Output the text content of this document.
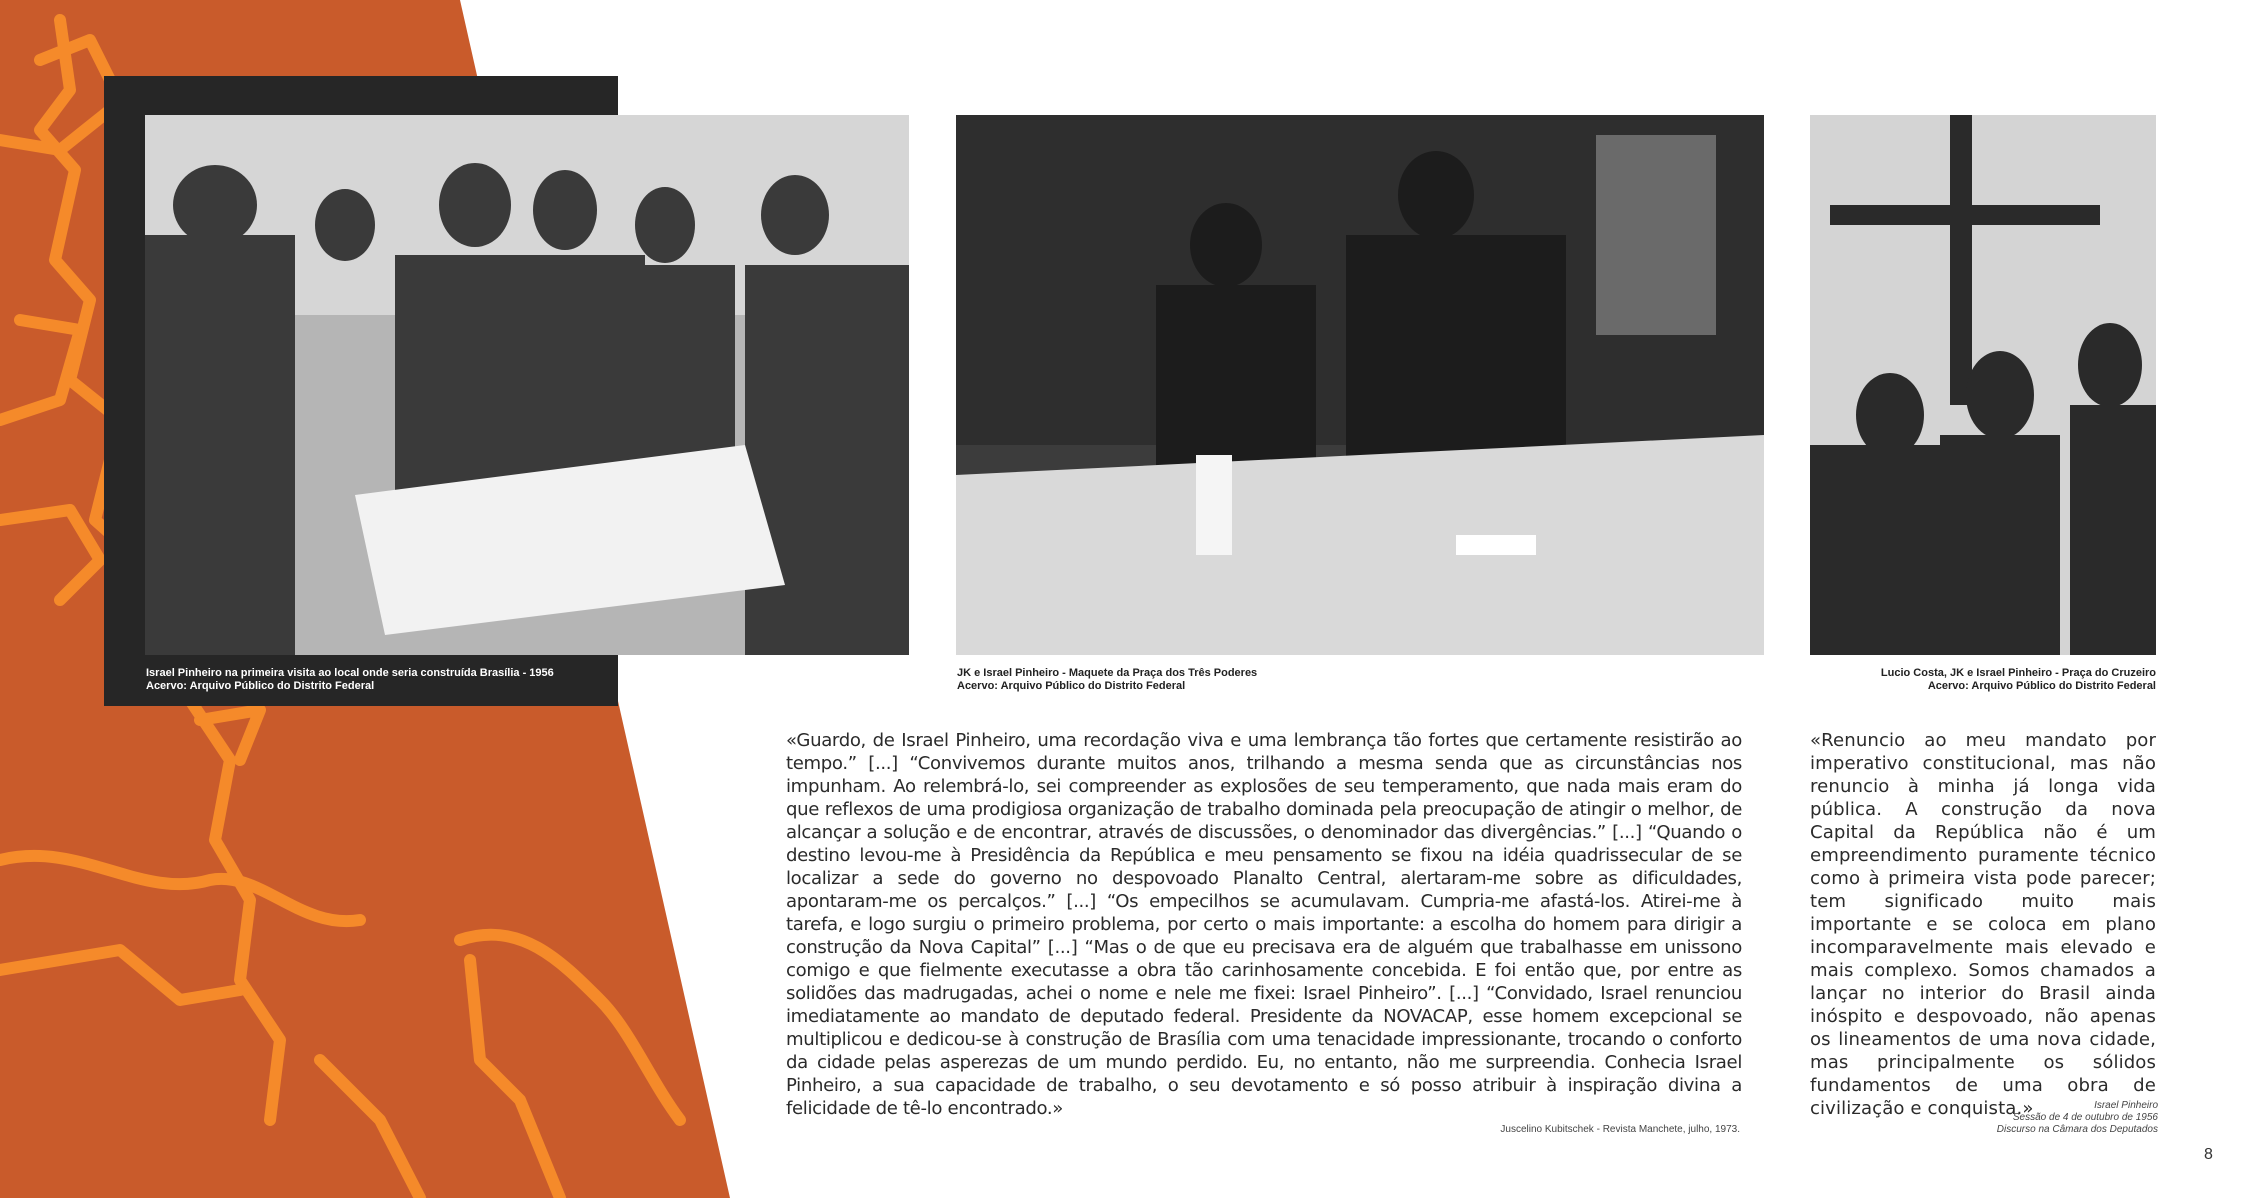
Israel Pinheiro na primeira visita ao local onde seria construída Brasília - 1956
Acervo: Arquivo Público do Distrito Federal
JK e Israel Pinheiro - Maquete da Praça dos Três Poderes
Acervo: Arquivo Público do Distrito Federal
Lucio Costa, JK e Israel Pinheiro - Praça do Cruzeiro
Acervo: Arquivo Público do Distrito Federal
«Guardo, de Israel Pinheiro, uma recordação viva e uma lembrança tão fortes que certamente resistirão ao tempo.” [...] “Convivemos durante muitos anos, trilhando a mesma senda que as circunstâncias nos impunham. Ao relembrá-lo, sei compreender as explosões de seu temperamento, que nada mais eram do que reflexos de uma prodigiosa organização de trabalho dominada pela preocupação de atingir o melhor, de alcançar a solução e de encontrar, através de discussões, o denominador das divergências.” [...] “Quando o destino levou-me à Presidência da República e meu pensamento se fixou na idéia quadrissecular de se localizar a sede do governo no despovoado Planalto Central, alertaram-me sobre as dificuldades, apontaram-me os percalços.” [...] “Os empecilhos se acumulavam. Cumpria-me afastá-los. Atirei-me à tarefa, e logo surgiu o primeiro problema, por certo o mais importante: a escolha do homem para dirigir a construção da Nova Capital” [...] “Mas o de que eu precisava era de alguém que trabalhasse em unissono comigo e que fielmente executasse a obra tão carinhosamente concebida. E foi então que, por entre as solidões das madrugadas, achei o nome e nele me fixei: Israel Pinheiro”. [...] “Convidado, Israel renunciou imediatamente ao mandato de deputado federal. Presidente da NOVACAP, esse homem excepcional se multiplicou e dedicou-se à construção de Brasília com uma tenacidade impressionante, trocando o conforto da cidade pelas asperezas de um mundo perdido. Eu, no entanto, não me surpreendia. Conhecia Israel Pinheiro, a sua capacidade de trabalho, o seu devotamento e só posso atribuir à inspiração divina a felicidade de tê-lo encontrado.»
Juscelino Kubitschek - Revista Manchete, julho, 1973.
«Renuncio ao meu mandato por imperativo constitucional, mas não renuncio à minha já longa vida pública. A construção da nova Capital da República não é um empreendimento puramente técnico como à primeira vista pode parecer; tem significado muito mais importante e se coloca em plano incomparavelmente mais elevado e mais complexo. Somos chamados a lançar no interior do Brasil ainda inóspito e despovoado, não apenas os lineamentos de uma nova cidade, mas principalmente os sólidos fundamentos de uma obra de civilização e conquista.»	Israel Pinheiro
Sessão de 4 de outubro de 1956
Discurso na Câmara dos Deputados
8
